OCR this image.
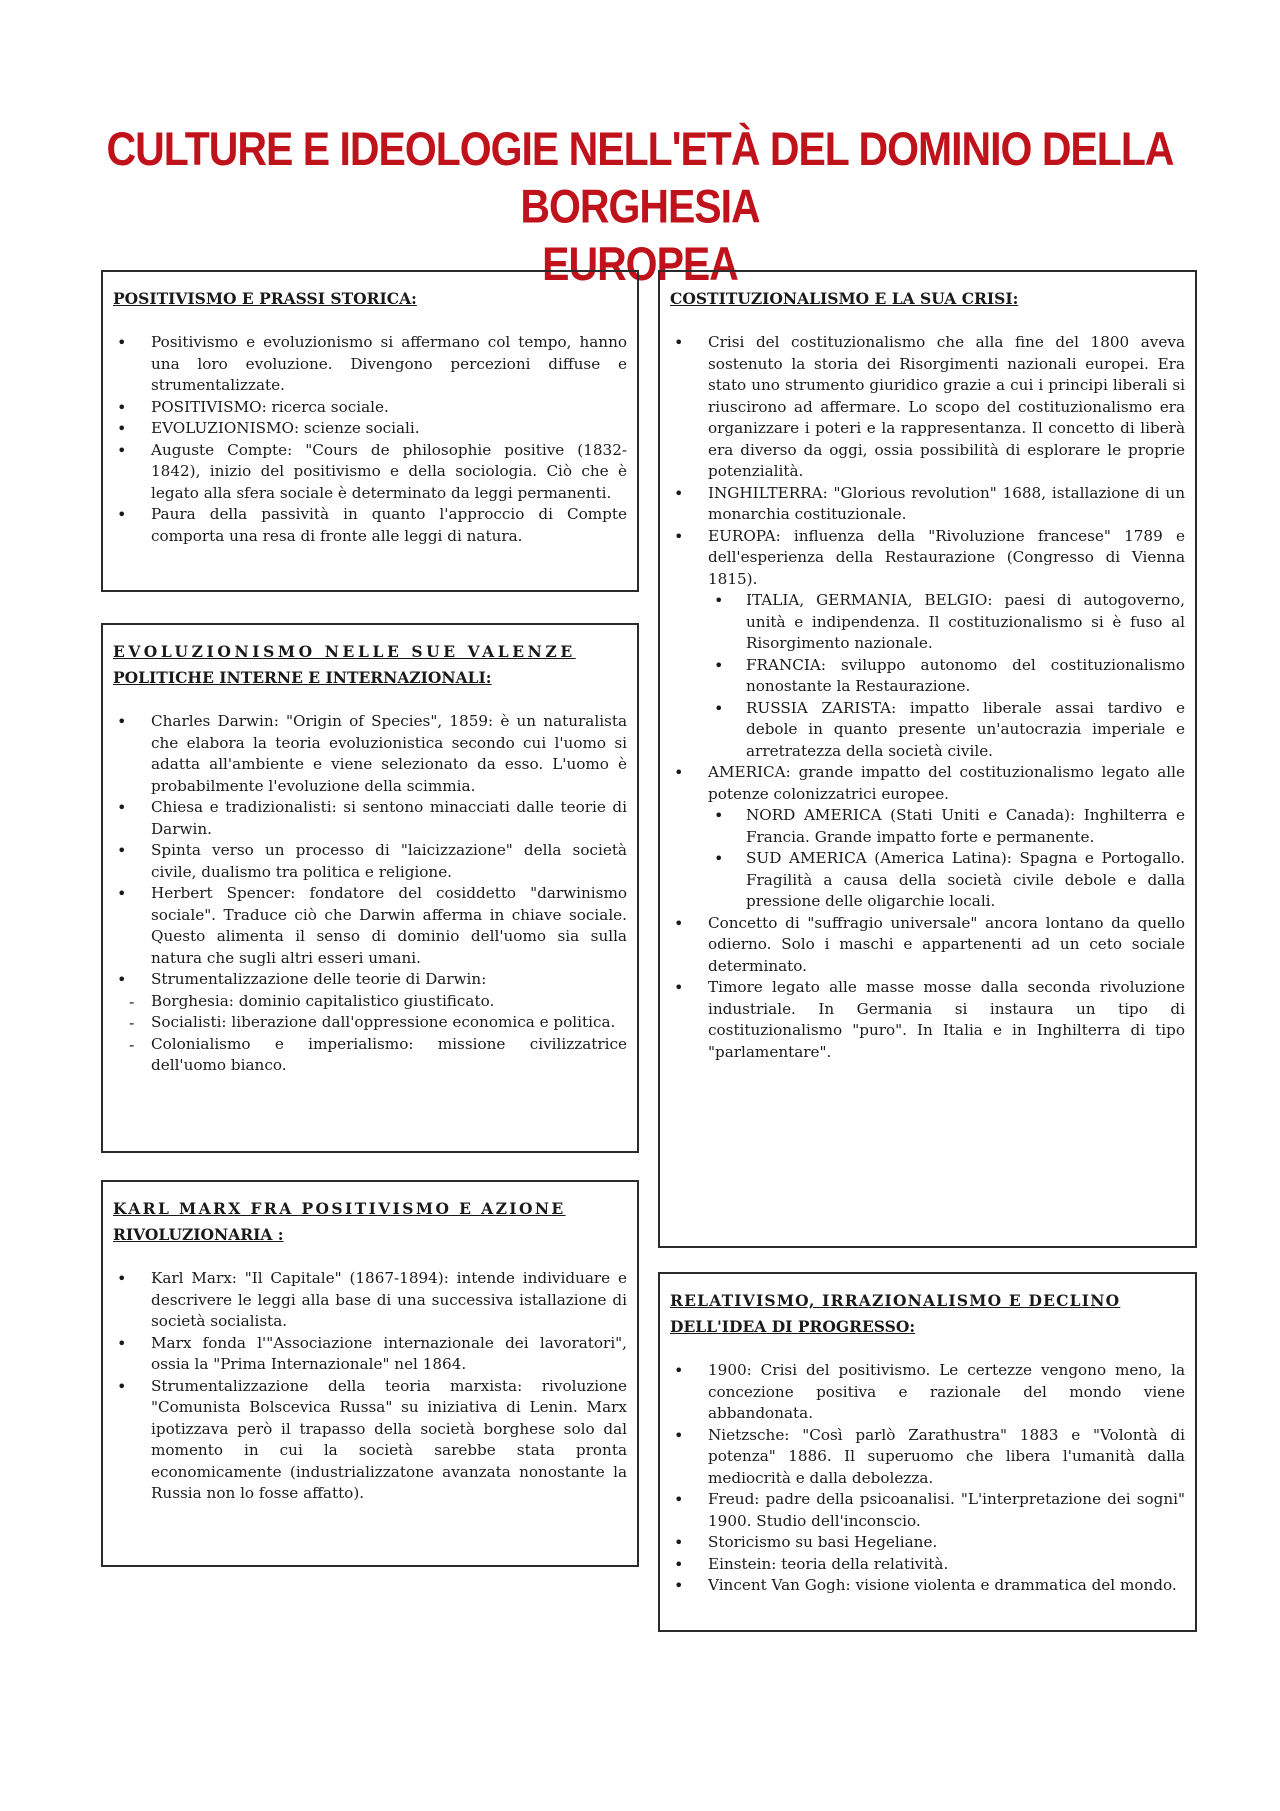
CULTURE E IDEOLOGIE NELL'ETÀ DEL DOMINIO DELLA BORGHESIA
EUROPEA
POSITIVISMO E PRASSI STORICA:
• Positivismo e evoluzionismo si affermano col tempo, hanno una loro evoluzione. Divengono percezioni diffuse e strumentalizzate.
• POSITIVISMO: ricerca sociale.
• EVOLUZIONISMO: scienze sociali.
• Auguste Compte: "Cours de philosophie positive (1832-1842), inizio del positivismo e della sociologia. Ciò che è legato alla sfera sociale è determinato da leggi permanenti.
• Paura della passività in quanto l'approccio di Compte comporta una resa di fronte alle leggi di natura.
EVOLUZIONISMO NELLE SUE VALENZE
POLITICHE INTERNE E INTERNAZIONALI:
• Charles Darwin: "Origin of Species", 1859: è un naturalista che elabora la teoria evoluzionistica secondo cui l'uomo si adatta all'ambiente e viene selezionato da esso. L'uomo è probabilmente l'evoluzione della scimmia.
• Chiesa e tradizionalisti: si sentono minacciati dalle teorie di Darwin.
• Spinta verso un processo di "laicizzazione" della società civile, dualismo tra politica e religione.
• Herbert Spencer: fondatore del cosiddetto "darwinismo sociale". Traduce ciò che Darwin afferma in chiave sociale. Questo alimenta il senso di dominio dell'uomo sia sulla natura che sugli altri esseri umani.
• Strumentalizzazione delle teorie di Darwin:
- Borghesia: dominio capitalistico giustificato.
- Socialisti: liberazione dall'oppressione economica e politica.
- Colonialismo e imperialismo: missione civilizzatrice dell'uomo bianco.
KARL MARX FRA POSITIVISMO E AZIONE
RIVOLUZIONARIA :
• Karl Marx: "Il Capitale" (1867-1894): intende individuare e descrivere le leggi alla base di una successiva istallazione di società socialista.
• Marx fonda l'"Associazione internazionale dei lavoratori", ossia la "Prima Internazionale" nel 1864.
• Strumentalizzazione della teoria marxista: rivoluzione "Comunista Bolscevica Russa" su iniziativa di Lenin. Marx ipotizzava però il trapasso della società borghese solo dal momento in cui la società sarebbe stata pronta economicamente (industrializzatone avanzata nonostante la Russia non lo fosse affatto).
COSTITUZIONALISMO E LA SUA CRISI:
• Crisi del costituzionalismo che alla fine del 1800 aveva sostenuto la storia dei Risorgimenti nazionali europei. Era stato uno strumento giuridico grazie a cui i principi liberali si riuscirono ad affermare. Lo scopo del costituzionalismo era organizzare i poteri e la rappresentanza. Il concetto di liberà era diverso da oggi, ossia possibilità di esplorare le proprie potenzialità.
• INGHILTERRA: "Glorious revolution" 1688, istallazione di un monarchia costituzionale.
• EUROPA: influenza della "Rivoluzione francese" 1789 e dell'esperienza della Restaurazione (Congresso di Vienna 1815).
• ITALIA, GERMANIA, BELGIO: paesi di autogoverno, unità e indipendenza. Il costituzionalismo si è fuso al Risorgimento nazionale.
• FRANCIA: sviluppo autonomo del costituzionalismo nonostante la Restaurazione.
• RUSSIA ZARISTA: impatto liberale assai tardivo e debole in quanto presente un'autocrazia imperiale e arretratezza della società civile.
• AMERICA: grande impatto del costituzionalismo legato alle potenze colonizzatrici europee.
• NORD AMERICA (Stati Uniti e Canada): Inghilterra e Francia. Grande impatto forte e permanente.
• SUD AMERICA (America Latina): Spagna e Portogallo. Fragilità a causa della società civile debole e dalla pressione delle oligarchie locali.
• Concetto di "suffragio universale" ancora lontano da quello odierno. Solo i maschi e appartenenti ad un ceto sociale determinato.
• Timore legato alle masse mosse dalla seconda rivoluzione industriale. In Germania si instaura un tipo di costituzionalismo "puro". In Italia e in Inghilterra di tipo "parlamentare".
RELATIVISMO, IRRAZIONALISMO E DECLINO
DELL'IDEA DI PROGRESSO:
• 1900: Crisi del positivismo. Le certezze vengono meno, la concezione positiva e razionale del mondo viene abbandonata.
• Nietzsche: "Così parlò Zarathustra" 1883 e "Volontà di potenza" 1886. Il superuomo che libera l'umanità dalla mediocrità e dalla debolezza.
• Freud: padre della psicoanalisi. "L'interpretazione dei sogni" 1900. Studio dell'inconscio.
• Storicismo su basi Hegeliane.
• Einstein: teoria della relatività.
• Vincent Van Gogh: visione violenta e drammatica del mondo.
